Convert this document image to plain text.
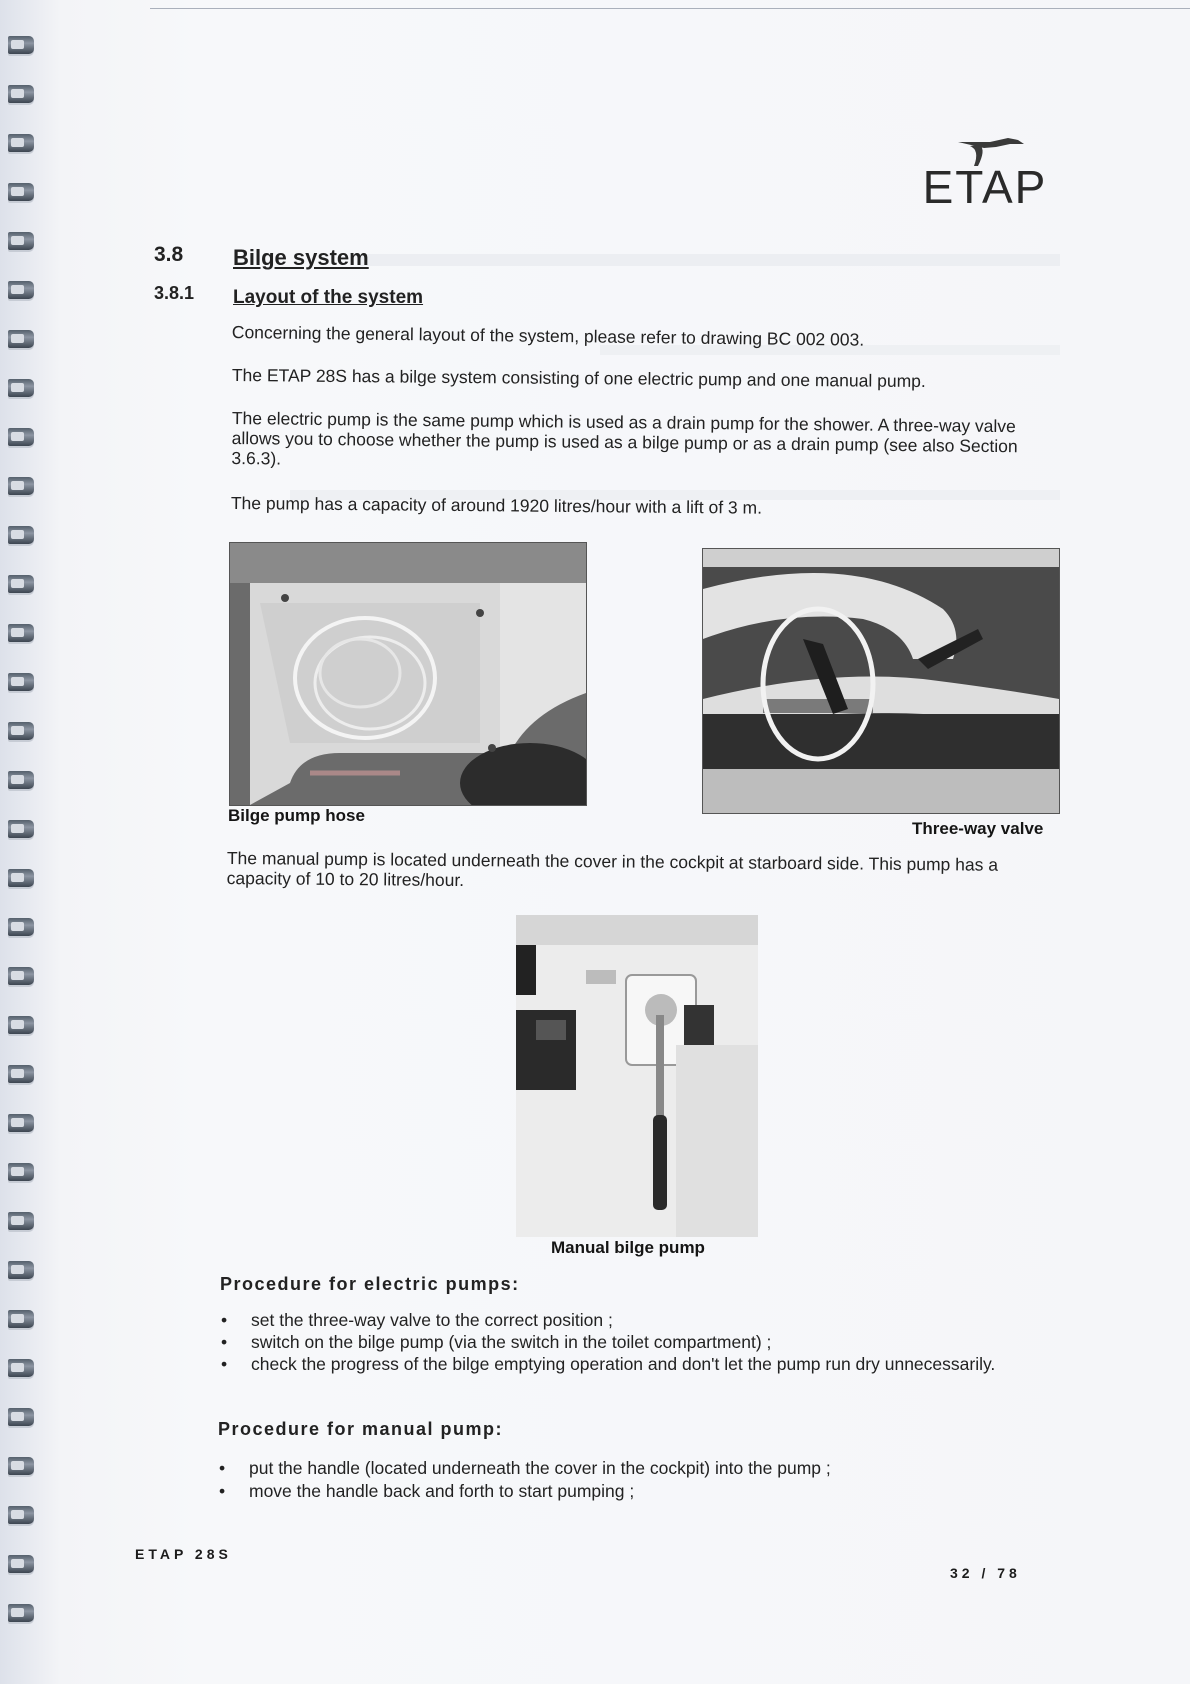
ETAP
3.8 Bilge system
3.8.1 Layout of the system
Concerning the general layout of the system, please refer to drawing BC 002 003.
The ETAP 28S has a bilge system consisting of one electric pump and one manual pump.
The electric pump is the same pump which is used as a drain pump for the shower. A three-way valve allows you to choose whether the pump is used as a bilge pump or as a drain pump (see also Section 3.6.3).
The pump has a capacity of around 1920 litres/hour with a lift of 3 m.
Bilge pump hose
Three-way valve
The manual pump is located underneath the cover in the cockpit at starboard side. This pump has a capacity of 10 to 20 litres/hour.
Manual bilge pump
Procedure for electric pumps:
• set the three-way valve to the correct position ;
• switch on the bilge pump (via the switch in the toilet compartment) ;
• check the progress of the bilge emptying operation and don't let the pump run dry unnecessarily.
Procedure for manual pump:
• put the handle (located underneath the cover in the cockpit) into the pump ;
• move the handle back and forth to start pumping ;
ETAP 28S
32 / 78
